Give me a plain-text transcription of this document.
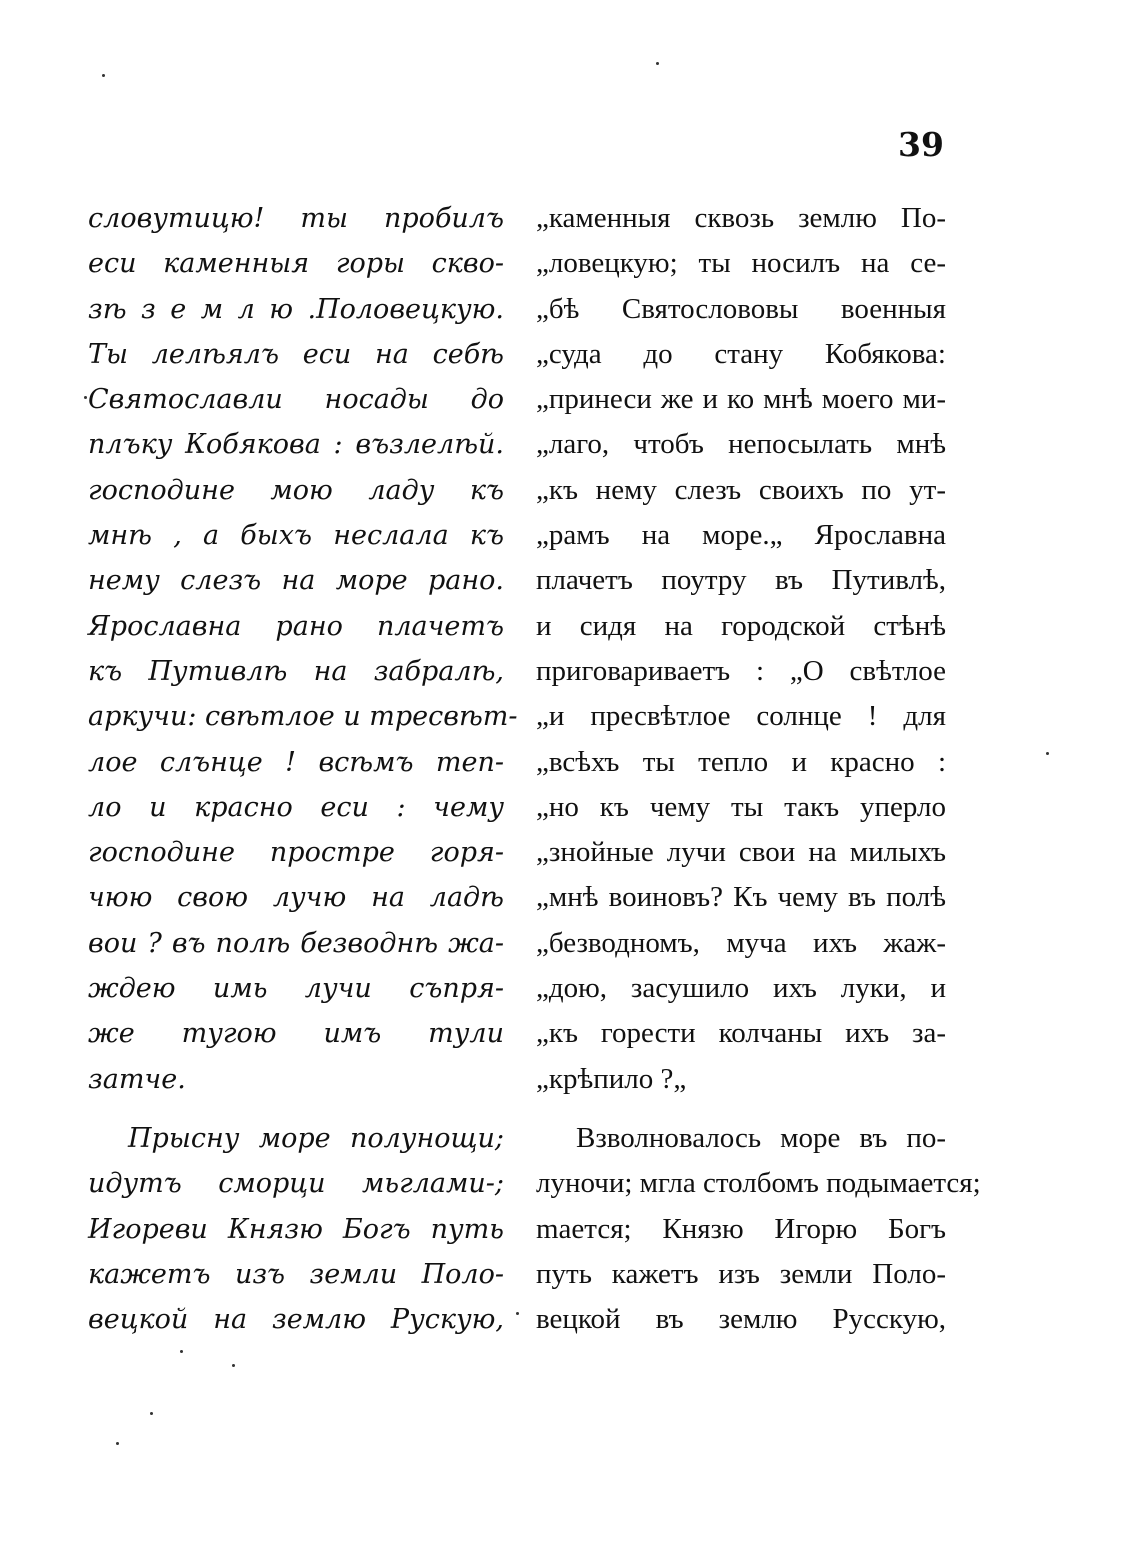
39
словутицю! ты пробилъ
еси каменныя горы скво-
зѣ з е м л ю .Половецкую.
Ты лелѣялъ еси на себѣ
Святославли носады до
плъку Кобякова : възлелѣй.
господине мою ладу къ
мнѣ , а быхъ неслала къ
нему слезъ на море рано.
Ярославна рано плачетъ
къ Путивлѣ на забралѣ,
аркучи: свѣтлое и тресвѣт-
лое слънце ! всѣмъ теп-
ло и красно еси : чему
господине простре горя-
чюю свою лучю на ладѣ
вои ? въ полѣ безводнѣ жа-
ждею имь лучи съпря-
же тугою имъ тули
затче.
Прысну море полунощи;
идутъ сморци мьглами-;
Игореви Князю Богъ путь
кажетъ изъ земли Поло-
вецкой на землю Рускую,
„каменныя сквозь землю По-
„ловецкую; ты носилъ на се-
„бѣ Святослововы военныя
„суда до стану Кобякова:
„принеси же и ко мнѣ моего ми-
„лаго, чтобъ непосылать мнѣ
„къ нему слезъ своихъ по ут-
„рамъ на море.„ Ярославна
плачетъ поутру въ Путивлѣ,
и сидя на городской стѣнѣ
приговариваетъ : „О свѣтлое
„и пресвѣтлое солнце ! для
„всѣхъ ты тепло и красно :
„но къ чему ты такъ уперло
„знойные лучи свои на милыхъ
„мнѣ воиновъ? Къ чему въ полѣ
„безводномъ, муча ихъ жаж-
„дою, засушило ихъ луки, и
„къ горести колчаны ихъ за-
„крѣпило ?„
Взволновалось море въ по-
луночи; мгла столбомъ подымается;
maется; Князю Игорю Богъ
путь кажетъ изъ земли Поло-
вецкой въ землю Русскую,
